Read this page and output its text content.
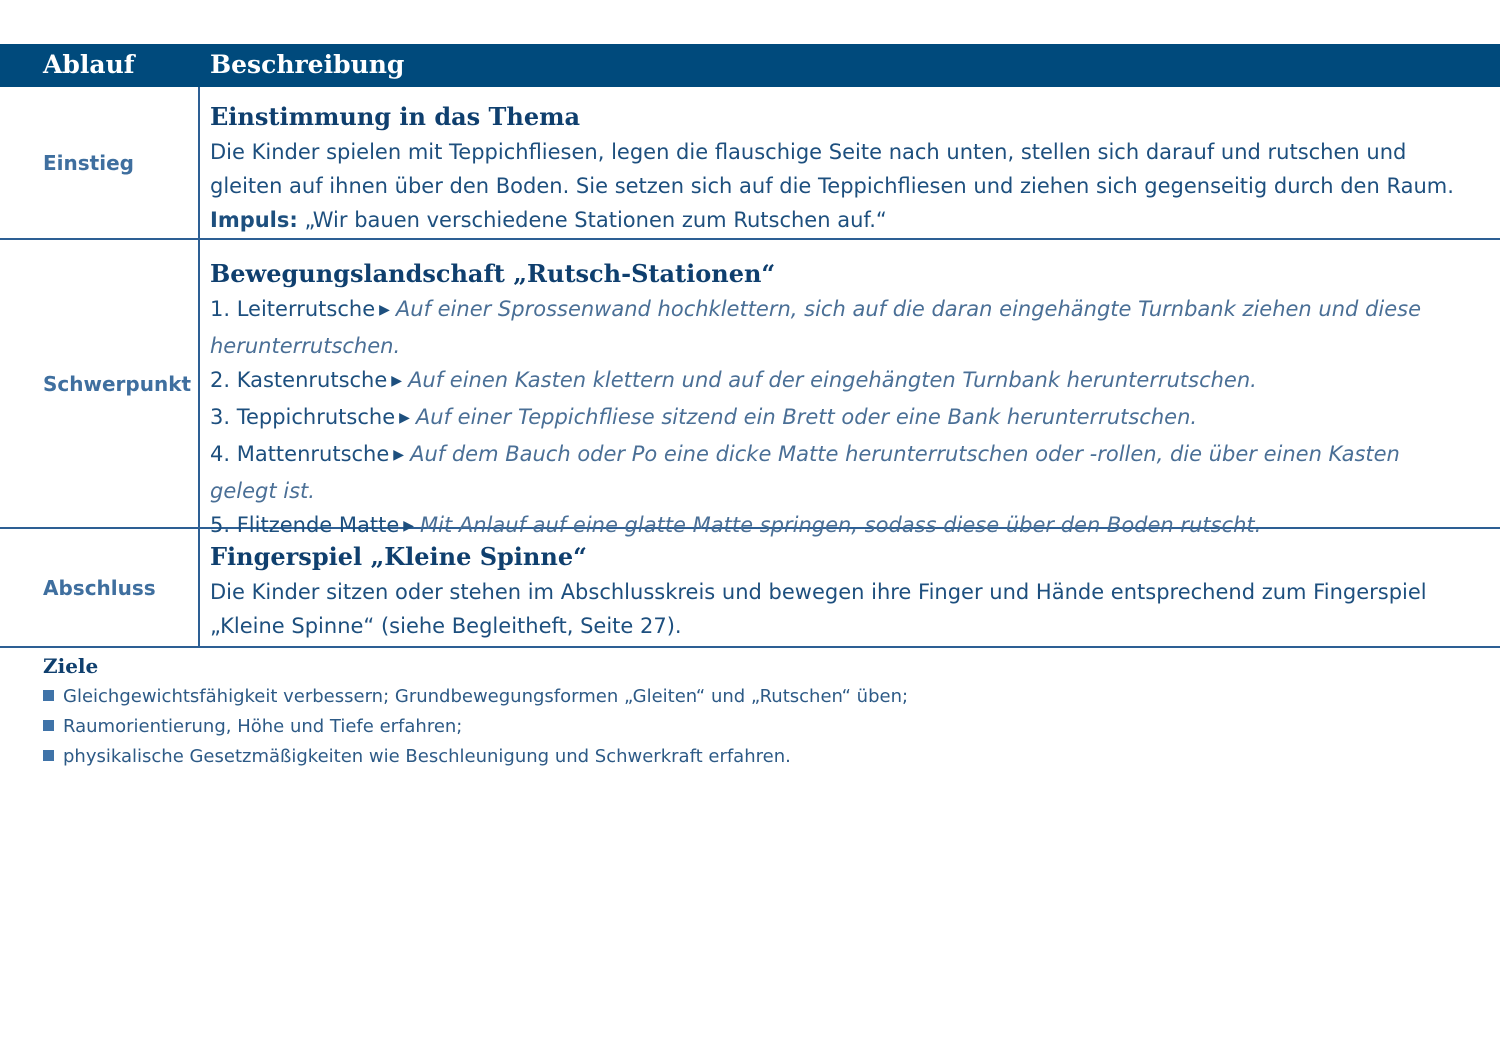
Ablauf	Beschreibung
Einstieg
Einstimmung in das Thema
Die Kinder spielen mit Teppichfliesen, legen die flauschige Seite nach unten, stellen sich darauf und rutschen und gleiten auf ihnen über den Boden. Sie setzen sich auf die Teppichfliesen und ziehen sich gegenseitig durch den Raum.
Impuls: „Wir bauen verschiedene Stationen zum Rutschen auf.“
Schwerpunkt
Bewegungslandschaft „Rutsch-Stationen“
1. Leiterrutsche ▶ Auf einer Sprossenwand hochklettern, sich auf die daran eingehängte Turnbank ziehen und diese herunterrutschen.
2. Kastenrutsche ▶ Auf einen Kasten klettern und auf der eingehängten Turnbank herunterrutschen.
3. Teppichrutsche ▶ Auf einer Teppichfliese sitzend ein Brett oder eine Bank herunterrutschen.
4. Mattenrutsche ▶ Auf dem Bauch oder Po eine dicke Matte herunterrutschen oder -rollen, die über einen Kasten gelegt ist.
5. Flitzende Matte ▶ Mit Anlauf auf eine glatte Matte springen, sodass diese über den Boden rutscht.
Abschluss
Fingerspiel „Kleine Spinne“
Die Kinder sitzen oder stehen im Abschlusskreis und bewegen ihre Finger und Hände entsprechend zum Fingerspiel „Kleine Spinne“ (siehe Begleitheft, Seite 27).
Ziele
Gleichgewichtsfähigkeit verbessern; Grundbewegungsformen „Gleiten“ und „Rutschen“ üben;
Raumorientierung, Höhe und Tiefe erfahren;
physikalische Gesetzmäßigkeiten wie Beschleunigung und Schwerkraft erfahren.
